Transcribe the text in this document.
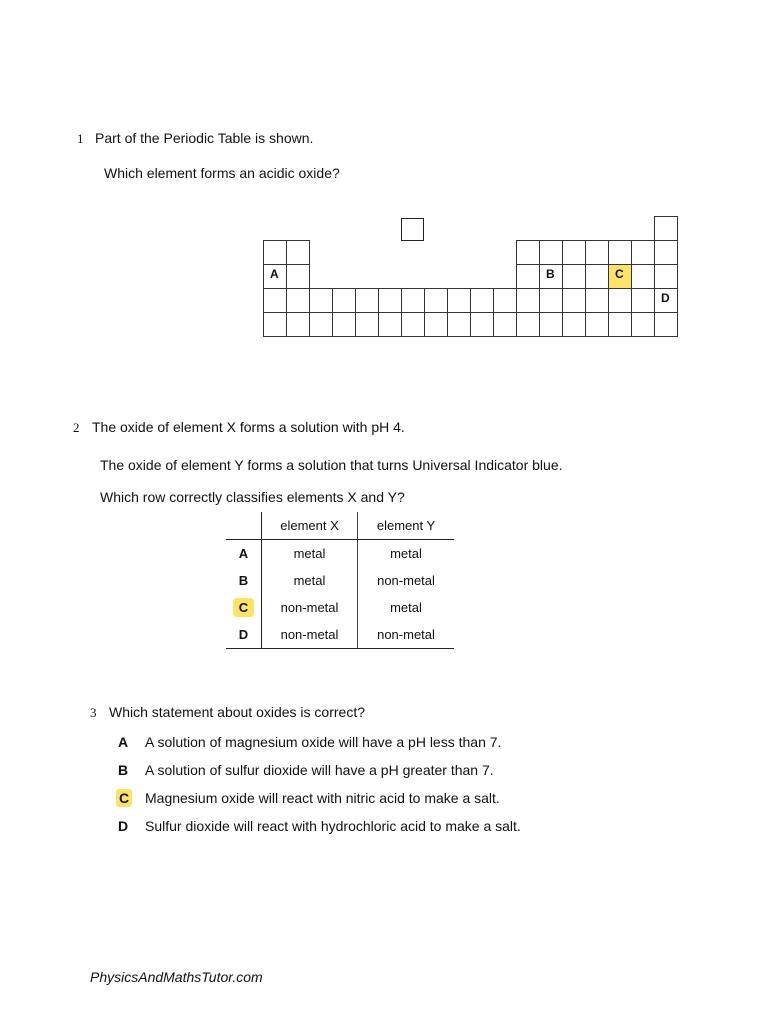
1 Part of the Periodic Table is shown.
Which element forms an acidic oxide?
A	B	C
D
2 The oxide of element X forms a solution with pH 4.
The oxide of element Y forms a solution that turns Universal Indicator blue.
Which row correctly classifies elements X and Y?
	element X	element Y
A	metal	metal
B	metal	non-metal
C	non-metal	metal
D	non-metal	non-metal
3 Which statement about oxides is correct?
A A solution of magnesium oxide will have a pH less than 7.
B A solution of sulfur dioxide will have a pH greater than 7.
C Magnesium oxide will react with nitric acid to make a salt.
D Sulfur dioxide will react with hydrochloric acid to make a salt.
PhysicsAndMathsTutor.com
